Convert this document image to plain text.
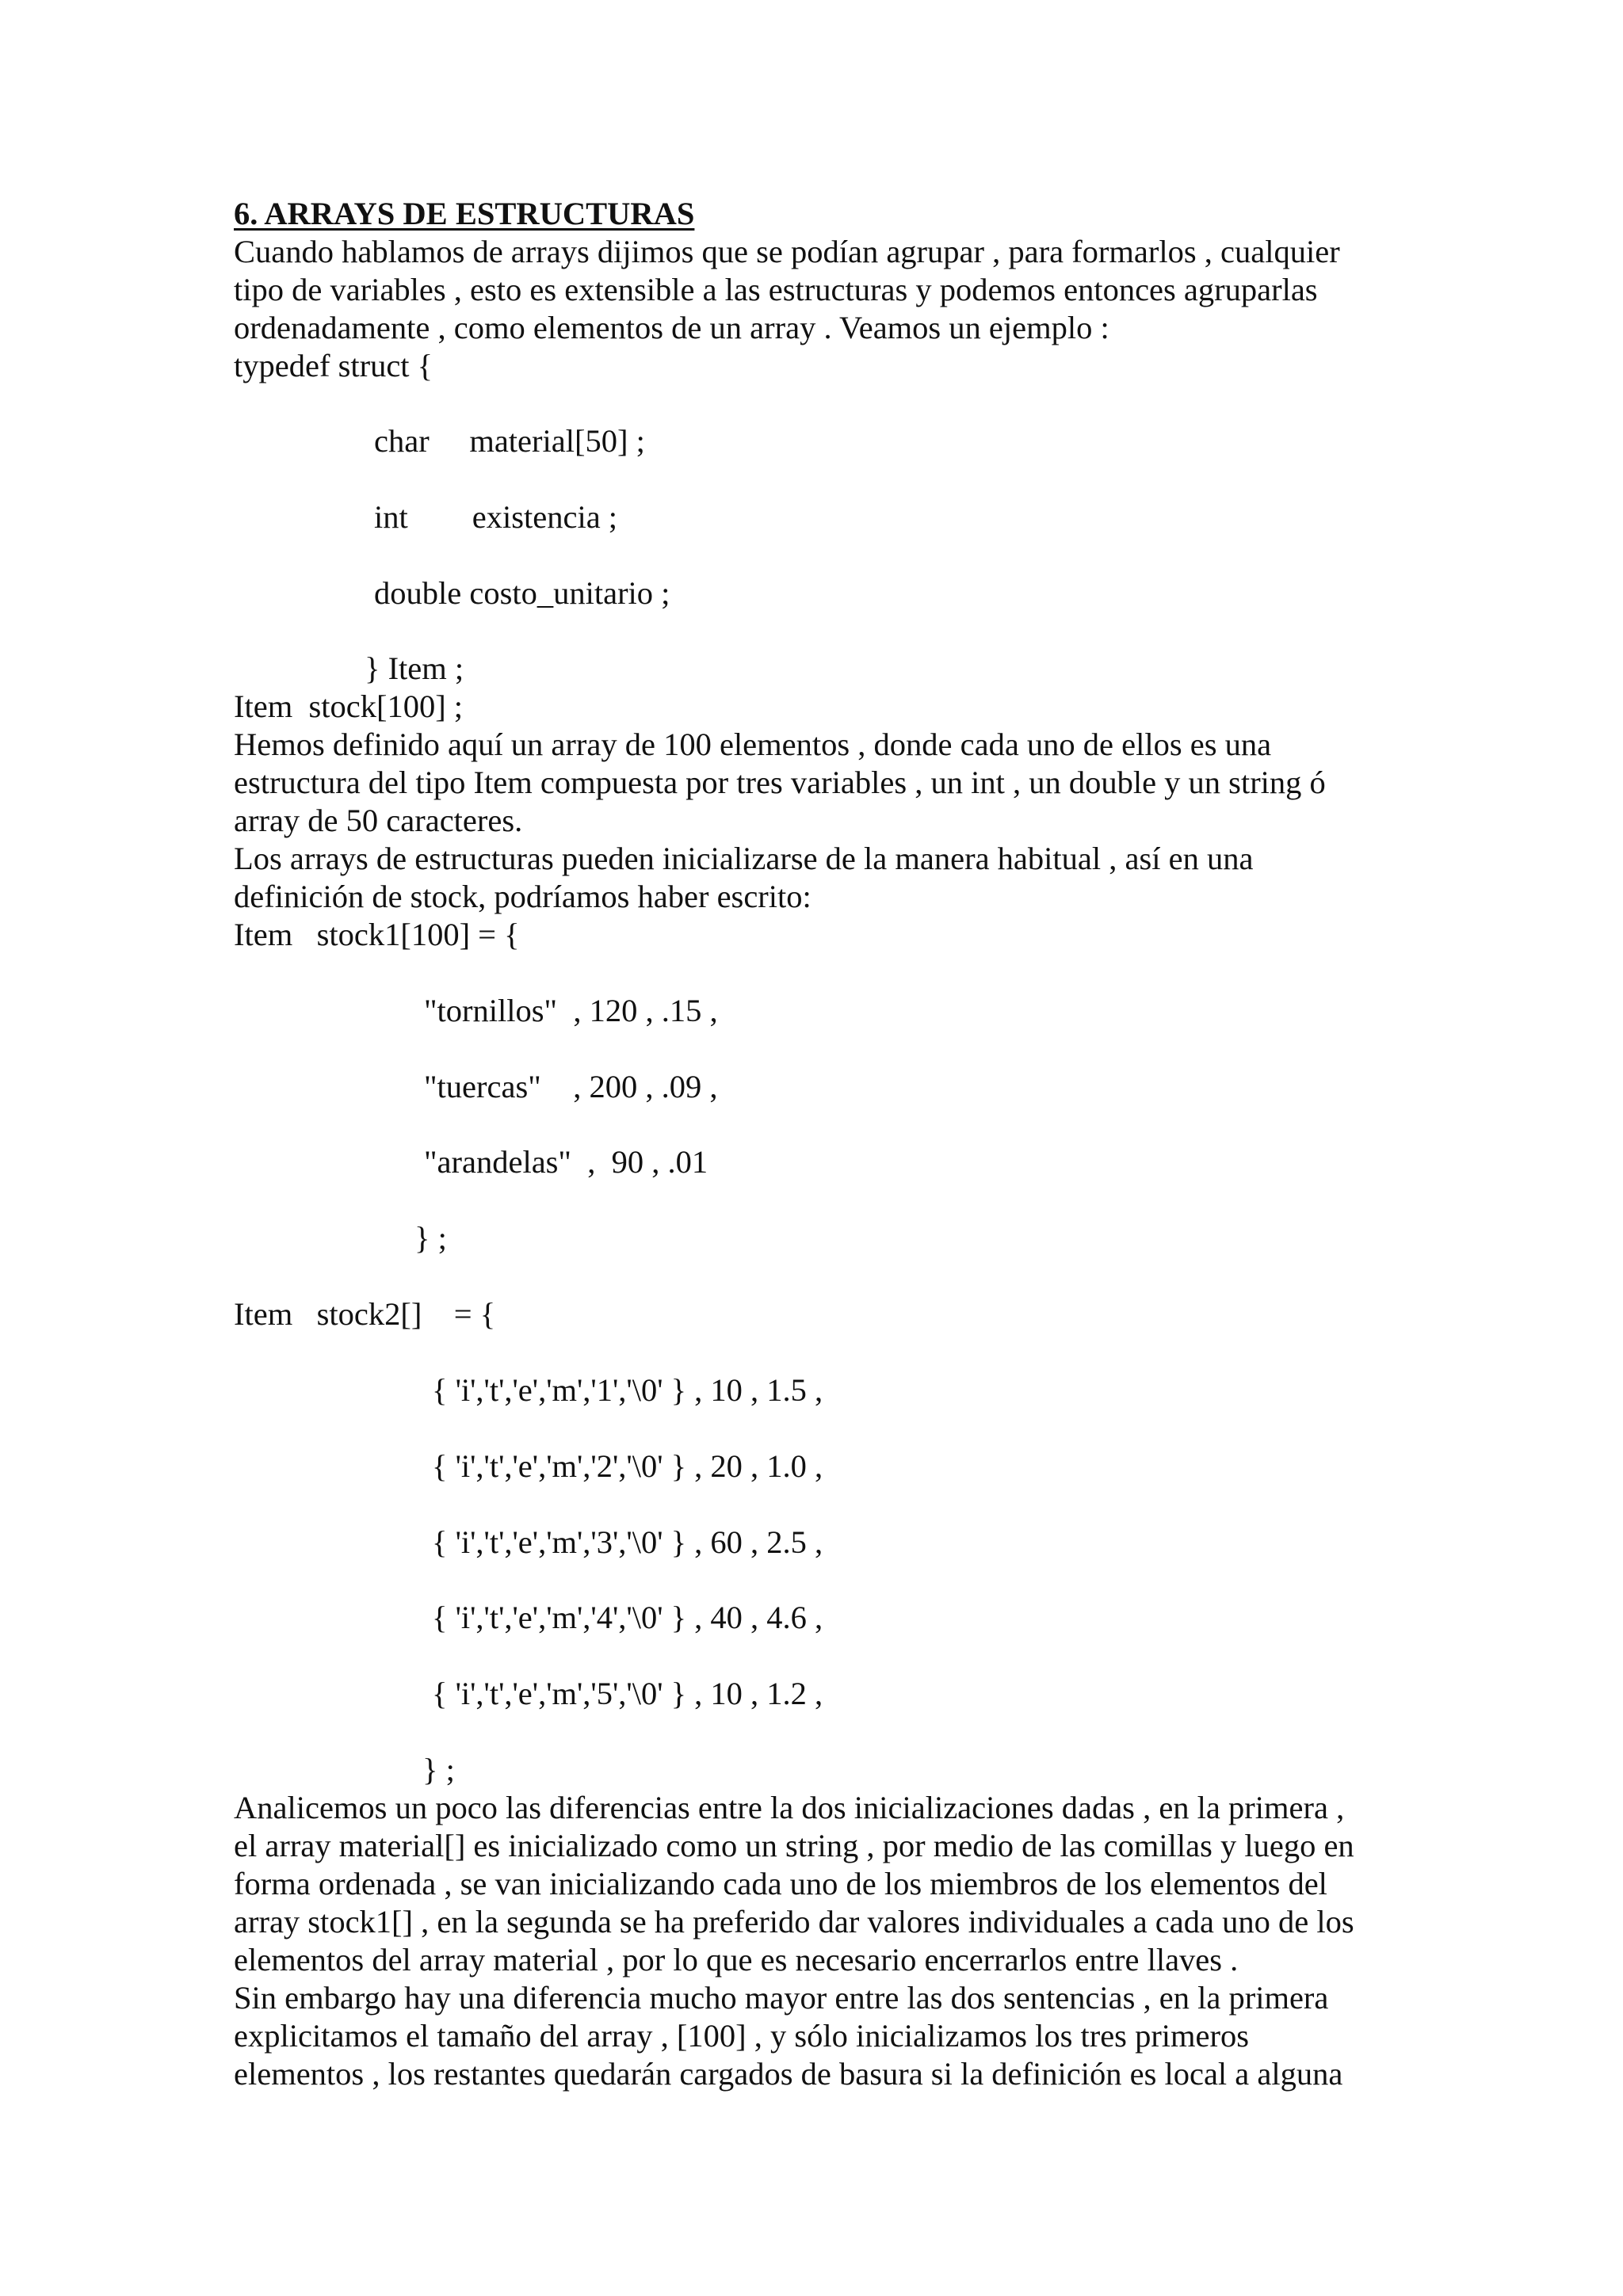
6. ARRAYS DE ESTRUCTURAS

Cuando hablamos de arrays dijimos que se podían agrupar , para formarlos , cualquier

tipo de variables , esto es extensible a las estructuras y podemos entonces agruparlas

ordenadamente , como elementos de un array . Veamos un ejemplo :

typedef struct {

char     material[50] ;

int        existencia ;

double costo_unitario ;

} Item ;

Item  stock[100] ;

Hemos definido aquí un array de 100 elementos , donde cada uno de ellos es una

estructura del tipo Item compuesta por tres variables , un int , un double y un string ó

array de 50 caracteres.

Los arrays de estructuras pueden inicializarse de la manera habitual , así en una

definición de stock, podríamos haber escrito:

Item   stock1[100] = {

"tornillos"  , 120 , .15 ,

"tuercas"    , 200 , .09 ,

"arandelas"  ,  90 , .01

} ;

Item   stock2[]    = {

{ 'i','t','e','m','1','\0' } , 10 , 1.5 ,

{ 'i','t','e','m','2','\0' } , 20 , 1.0 ,

{ 'i','t','e','m','3','\0' } , 60 , 2.5 ,

{ 'i','t','e','m','4','\0' } , 40 , 4.6 ,

{ 'i','t','e','m','5','\0' } , 10 , 1.2 ,

} ;

Analicemos un poco las diferencias entre la dos inicializaciones dadas , en la primera ,

el array material[] es inicializado como un string , por medio de las comillas y luego en

forma ordenada , se van inicializando cada uno de los miembros de los elementos del

array stock1[] , en la segunda se ha preferido dar valores individuales a cada uno de los

elementos del array material , por lo que es necesario encerrarlos entre llaves .

Sin embargo hay una diferencia mucho mayor entre las dos sentencias , en la primera

explicitamos el tamaño del array , [100] , y sólo inicializamos los tres primeros

elementos , los restantes quedarán cargados de basura si la definición es local a alguna
